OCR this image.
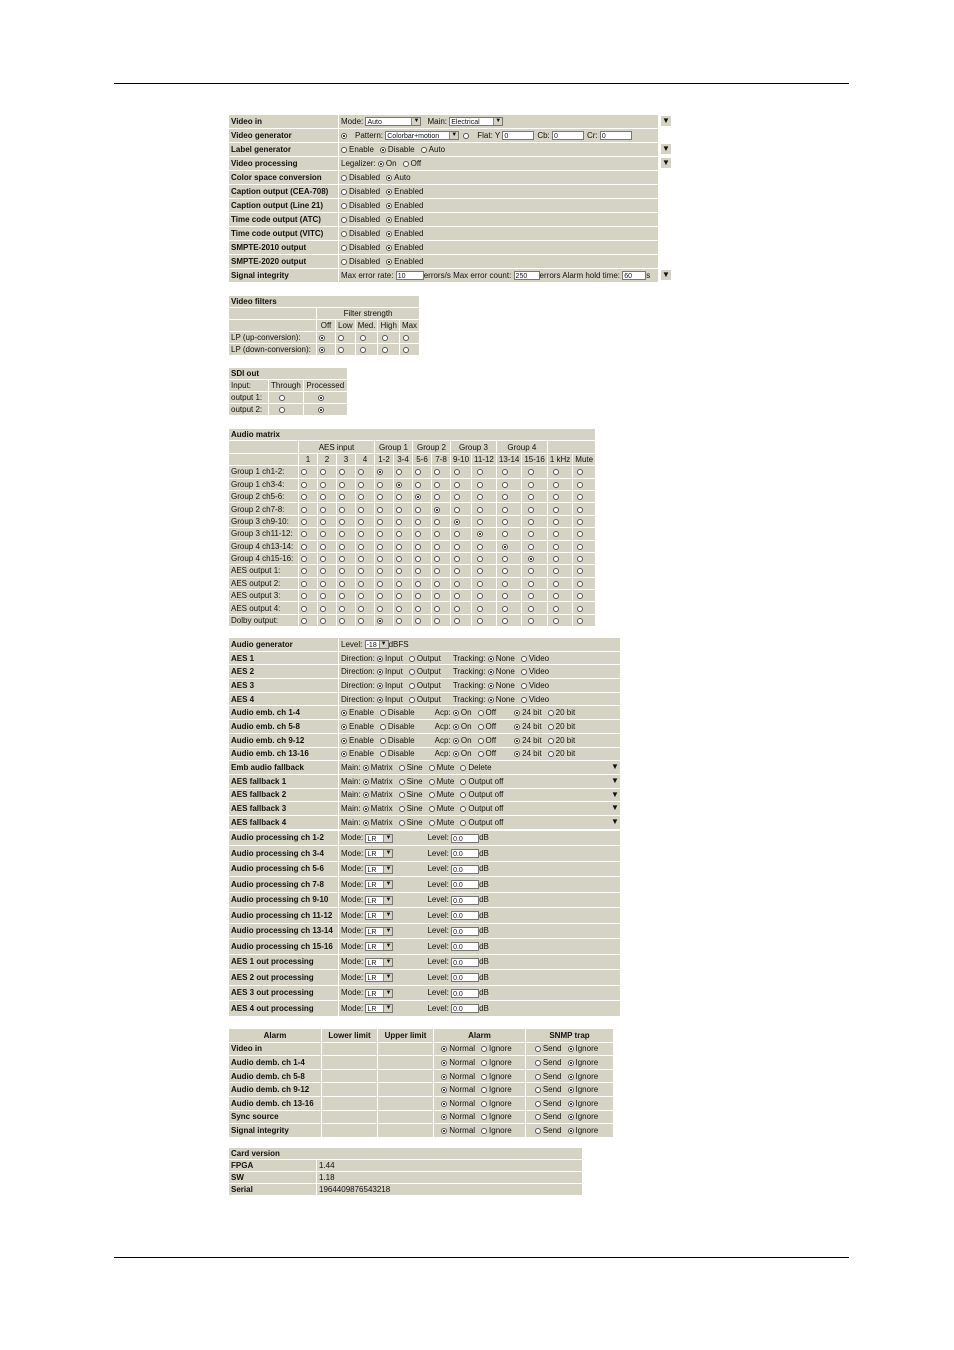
Video in	Mode: Auto ▼ Main: Electrical ▼

Video generator	Pattern: Colorbar+motion ▼ Flat: Y 0 Cb: 0 Cr: 0
Label generator	Enable Disable Auto
Video processing	Legalizer: On Off
Color space conversion	Disabled Auto
Caption output (CEA-708)	Disabled Enabled
Caption output (Line 21)	Disabled Enabled
Time code output (ATC)	Disabled Enabled
Time code output (VITC)	Disabled Enabled
SMPTE-2010 output	Disabled Enabled
SMPTE-2020 output	Disabled Enabled
Signal integrity	Max error rate: 10 errors/s Max error count: 250 errors Alarm hold time: 60 s
▼
▼
▼
▼
Video filters					
	Filter strength				
	Off	Low	Med.	High	Max
LP (up-conversion):					
LP (down-conversion):					
SDI out		
Input:	Through	Processed
output 1:		
output 2:		
Audio matrix														
	AES input				Group 1		Group 2		Group 3		Group 4			
	1	2	3	4	1-2	3-4	5-6	7-8	9-10	11-12	13-14	15-16	1 kHz	Mute
Group 1 ch1-2:														
Group 1 ch3-4:														
Group 2 ch5-6:														
Group 2 ch7-8:														
Group 3 ch9-10:														
Group 3 ch11-12:														
Group 4 ch13-14:														
Group 4 ch15-16:														
AES output 1:														
AES output 2:														
AES output 3:														
AES output 4:														
Dolby output:														
Audio generator	Level: -18 ▼ dBFS
AES 1	Direction: Input Output Tracking: None Video
AES 2	Direction: Input Output Tracking: None Video
AES 3	Direction: Input Output Tracking: None Video
AES 4	Direction: Input Output Tracking: None Video
Audio emb. ch 1-4	Enable Disable Acp: On Off 24 bit 20 bit
Audio emb. ch 5-8	Enable Disable Acp: On Off 24 bit 20 bit
Audio emb. ch 9-12	Enable Disable Acp: On Off 24 bit 20 bit
Audio emb. ch 13-16	Enable Disable Acp: On Off 24 bit 20 bit
Emb audio fallback	Main: Matrix Sine Mute Delete
AES fallback 1	Main: Matrix Sine Mute Output off
AES fallback 2	Main: Matrix Sine Mute Output off
AES fallback 3	Main: Matrix Sine Mute Output off
AES fallback 4	Main: Matrix Sine Mute Output off
Audio processing ch 1-2	Mode: LR ▼ Level: 0.0 dB
Audio processing ch 3-4	Mode: LR ▼ Level: 0.0 dB
Audio processing ch 5-6	Mode: LR ▼ Level: 0.0 dB
Audio processing ch 7-8	Mode: LR ▼ Level: 0.0 dB
Audio processing ch 9-10	Mode: LR ▼ Level: 0.0 dB
Audio processing ch 11-12	Mode: LR ▼ Level: 0.0 dB
Audio processing ch 13-14	Mode: LR ▼ Level: 0.0 dB
Audio processing ch 15-16	Mode: LR ▼ Level: 0.0 dB
AES 1 out processing	Mode: LR ▼ Level: 0.0 dB
AES 2 out processing	Mode: LR ▼ Level: 0.0 dB
AES 3 out processing	Mode: LR ▼ Level: 0.0 dB
AES 4 out processing	Mode: LR ▼ Level: 0.0 dB
▼
▼
▼
▼
▼
Alarm	Lower limit	Upper limit	Alarm	SNMP trap
Video in			Normal Ignore	Send Ignore
Audio demb. ch 1-4			Normal Ignore	Send Ignore
Audio demb. ch 5-8			Normal Ignore	Send Ignore
Audio demb. ch 9-12			Normal Ignore	Send Ignore
Audio demb. ch 13-16			Normal Ignore	Send Ignore
Sync source			Normal Ignore	Send Ignore
Signal integrity			Normal Ignore	Send Ignore
Card version	
FPGA	1.44
SW	1.18
Serial	1964409876543218
